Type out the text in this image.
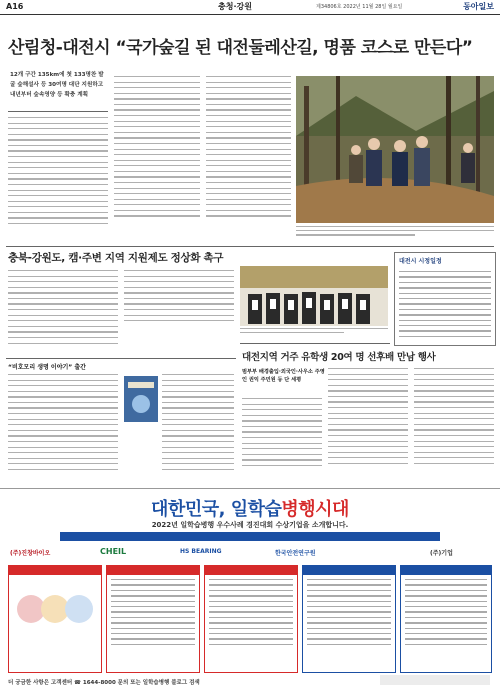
A16	충청·강원	제34806호 2022년 11월 28일 월요일	동아일보
산림청-대전시 “국가숲길 된 대전둘레산길, 명품 코스로 만든다”
12개 구간 135km에 첫 133명찬 발굴 숲해설사 등 30여명 대단 지원하고 내년부터 숲속영양 등 확충 계획
충북-강원도, 캠·주변 지역 지원제도 정상화 촉구
“비호모리 생명 이야기” 출간
대전지역 거주 유학생 20여 명 선후배 만남 행사
범부부 배경출입·외국인·사우소 주영인 권익 주민원 등 단 세평
대전시 시정일정
대한민국, 일학습병행시대
2022년 일학습병행 우수사례 경진대회 수상기업을 소개합니다.
(주)진창바이오	CHEIL	HS BEARING	한국안전연구원	(주)기업
더 궁금한 사항은 고객센터 ☎ 1644-8000 문의 또는 일학습병행 블로그 검색
